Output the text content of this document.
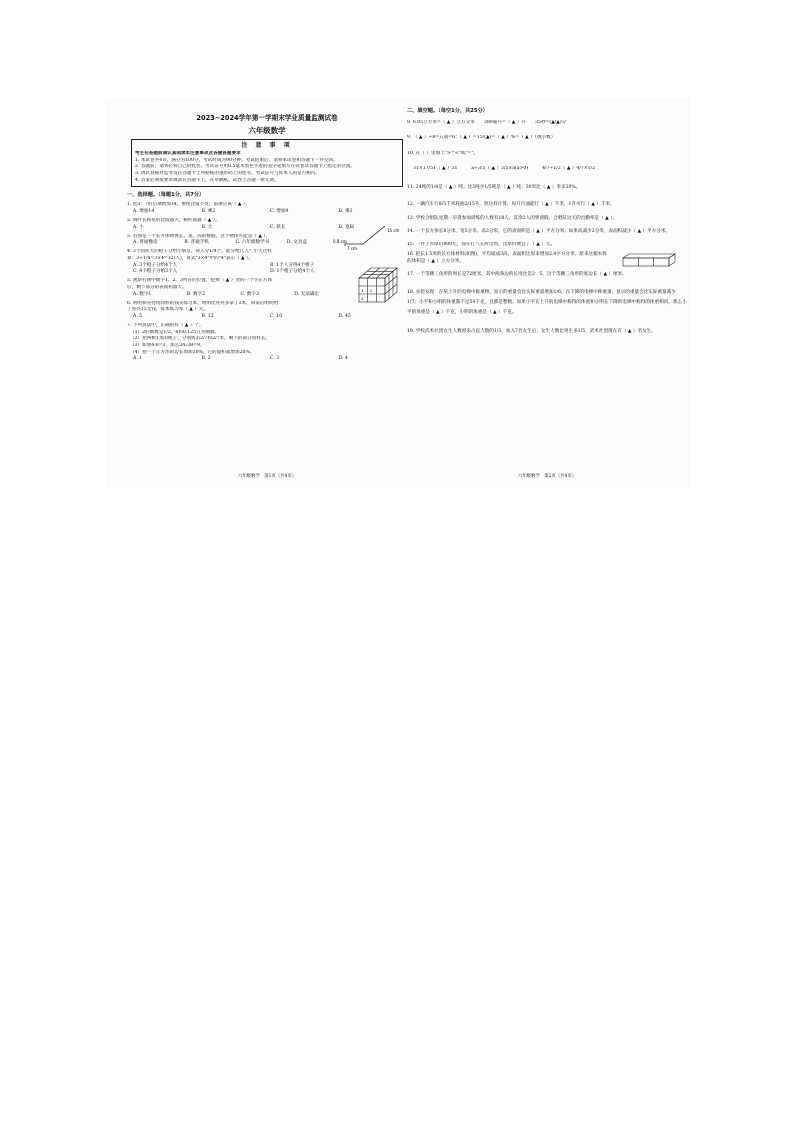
2023~2024学年第一学期末学业质量监测试卷
六年级数学
注 意 事 项
考生在答题前请认真阅读本注意事项及各题答题要求
1. 本试卷共4页，满分为100分，考试时间为90分钟。考试结束后，请将本试卷和答题卡一并交回。
2. 答题前，请务必将自己的姓名、考试证号用0.5毫米黑色字迹的签字笔填写在试卷及答题卡上指定的位置。
3. 请认真核对监考员在答题卡上所粘贴的条形码上的姓名、考试证号与你本人的是否相符。
4. 答案必须按要求填涂在答题卡上，在草稿纸、试卷上答题一律无效。
一、选择题。（每题1分，共7分）
1. 把3：7的后项增加14，要使比值不变，前项应该（ ▲ ）。
A. 增加14	B. 乘2	C. 增加9	D. 乘3
2. 两叶长和宽的比值越大，树叶就越（ ▲ ）。
A. 小	B. 大	C. 狭长	D. 宽扁
3. 右图是一个长方体物体长、宽、高的数据，这个物体可能是（ ▲ ）。
A. 普通橡皮	B. 普通手机	C. 六年级数学书	D. 文具盒
15 cm
7 cm
0.8 cm
4. 3个同样大的橙子分给小朋友，每人分1/4个，能分给几人？小天这样
算：3÷1/4=3×4=12(人)，算式"3×4"中的"4"表示（ ▲ ）。
A. 3个橙子分给4个人	B. 1个人分得4个橙子
C. 4个橙子分给3个人	D. 1个橙子分给4个人
5. 观察右图中数字1、2、3所在的位置，挖掉（ ▲ ）处的一个小正方体
后，剩下部分的表面积最大。
A. 数字1	B. 数字2	C. 数字3	D. 无法确定
1 2
3
6. 明明和亮亮用同样的钱买练习本，明明比亮亮多拿了3本，回家后明明给
了亮亮15元钱，每本练习本（ ▲ ）元。
A. 5	B. 12	C. 10	D. 45
7. 下列说法中，正确的有（ ▲ ）个。
（1）2的倒数是1/2，8和0.125互为倒数。
（2）把两根1米的绳子，分别剪去2/7和2/7米，剩下的部分同样长。
（3）如果4:8=3，那么3A:3B=9。
（4）把一个正方形的边长增加10%，它的面积就增加20%。
A. 1	B. 2	C. 3	D. 4
六年级数学　第1页（共4页）
二、填空题。（每空1分，共25分）
8. 6.05立方米=（ ▲ ）立方分米　　380毫升=（ ▲ ）升　　35秒=(▲/▲)分
9. （ ▲ ）÷8=五成=6：（ ▲ ）=15/(▲)=（ ▲ ）%=（ ▲ ）（填小数）
10. 在（ ）里填上">""<"或"="。
31×17/51（ ▲ ）31	a÷3/5（ ▲ ）3/5×a(a>0)	4/7÷1/2（ ▲ ）4/7×1/2
11. 24吨的1/4是（ ▲ ）吨；比5吨少1/5吨是（ ▲ ）吨；30米比（ ▲ ）米多20%。
12. 一辆汽车行8/5千米耗油2/15升，照这样计算，每升汽油能行（ ▲ ）千米，1升可行（ ▲ ）千米。
13. 学校合唱队星期一早晨参加训练的人数有18人，其余2人因事请假，合唱队这天的出勤率是（ ▲ ）。
14. 一个长方体长8分米，宽5分米，高3分米，它的表面积是（ ▲ ）平方分米。如果高减少2分米，表面积减少（ ▲ ）平方分米。
15. 一件上衣原价800元，现在打八五折出售，比原价便宜了（ ▲ ）元。
16. 把长1.5米的长方体材料(如图)，平均锯成3段，表面积比原来增加2.4平方分米，原来这根木料的体积是（ ▲ ）立方分米。
17. 一个等腰三角形的周长是72厘米，其中两条边的长度比是2：5，这个等腰三角形的底边长（ ▲ ）厘米。
18. 实验发现：在某上升的电梯中称重物，显示的重量会比实际重量增加1/6，在下降的电梯中称重量，显示的重量会比实际重量减少1/7，小平和小明的体重都不足50千克，且都是整数。如果小平在上升的电梯中称得的体重和小明在下降的电梯中称得的体重相同，那么小平的体重是（ ▲ ）千克，小明的体重是（ ▲ ）千克。
19. 学校武术社团女生人数原来占总人数的1/3，加入7名女生后，女生人数比男生多1/5，武术社团现在有（ ▲ ）名女生。
六年级数学　第2页（共4页）
